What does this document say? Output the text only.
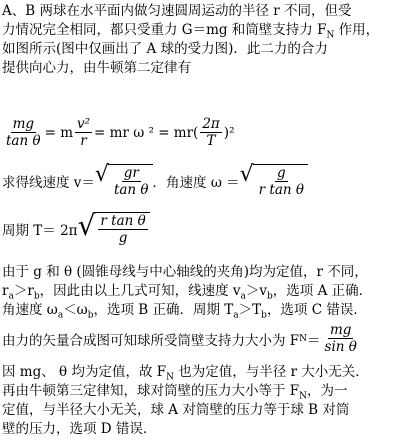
A、B 两球在水平面内做匀速圆周运动的半径 r 不同，但受
力情况完全相同，都只受重力 G＝mg 和筒壁支持力 $F_N$ 作用，
如图所示(图中仅画出了 A 球的受力图)．此二力的合力
提供向心力，由牛顿第二定律有
$\frac{mg}{\text{tan θ}} = m \frac{\text{v²}}{r}$ = mr ω $^2 = mr( \frac{2\pi}{T} )^2$
求得线速度 v＝ √ $\frac{gr}{\text{tan θ}}$ ．角速度 ω ＝ √ $\frac{g}{\text{r tan θ}}$
周期 T＝ 2π √ $\frac{\text{r tan θ}}{g}$
由于 g 和 θ (圆锥母线与中心轴线的夹角)均为定值，r 不同，
$r_a>r_b$，因此由以上几式可知，线速度 $v_a>v_b$，选项 A 正确．
角速度 $\omega_a<\omega_b$，选项 B 正确．周期 $T_a>T_b$，选项 C 错误．
由力的矢量合成图可知球所受筒壁支持力大小为 F $N = \frac{mg}{\text{sin θ}}$
因 mg、 θ 均为定值，故 $F_N$ 也为定值，与半径 r 大小无关．
再由牛顿第三定律知，球对筒壁的压力大小等于 $F_N$，为一
定值，与半径大小无关，球 A 对筒壁的压力等于球 B 对筒
壁的压力，选项 D 错误．
